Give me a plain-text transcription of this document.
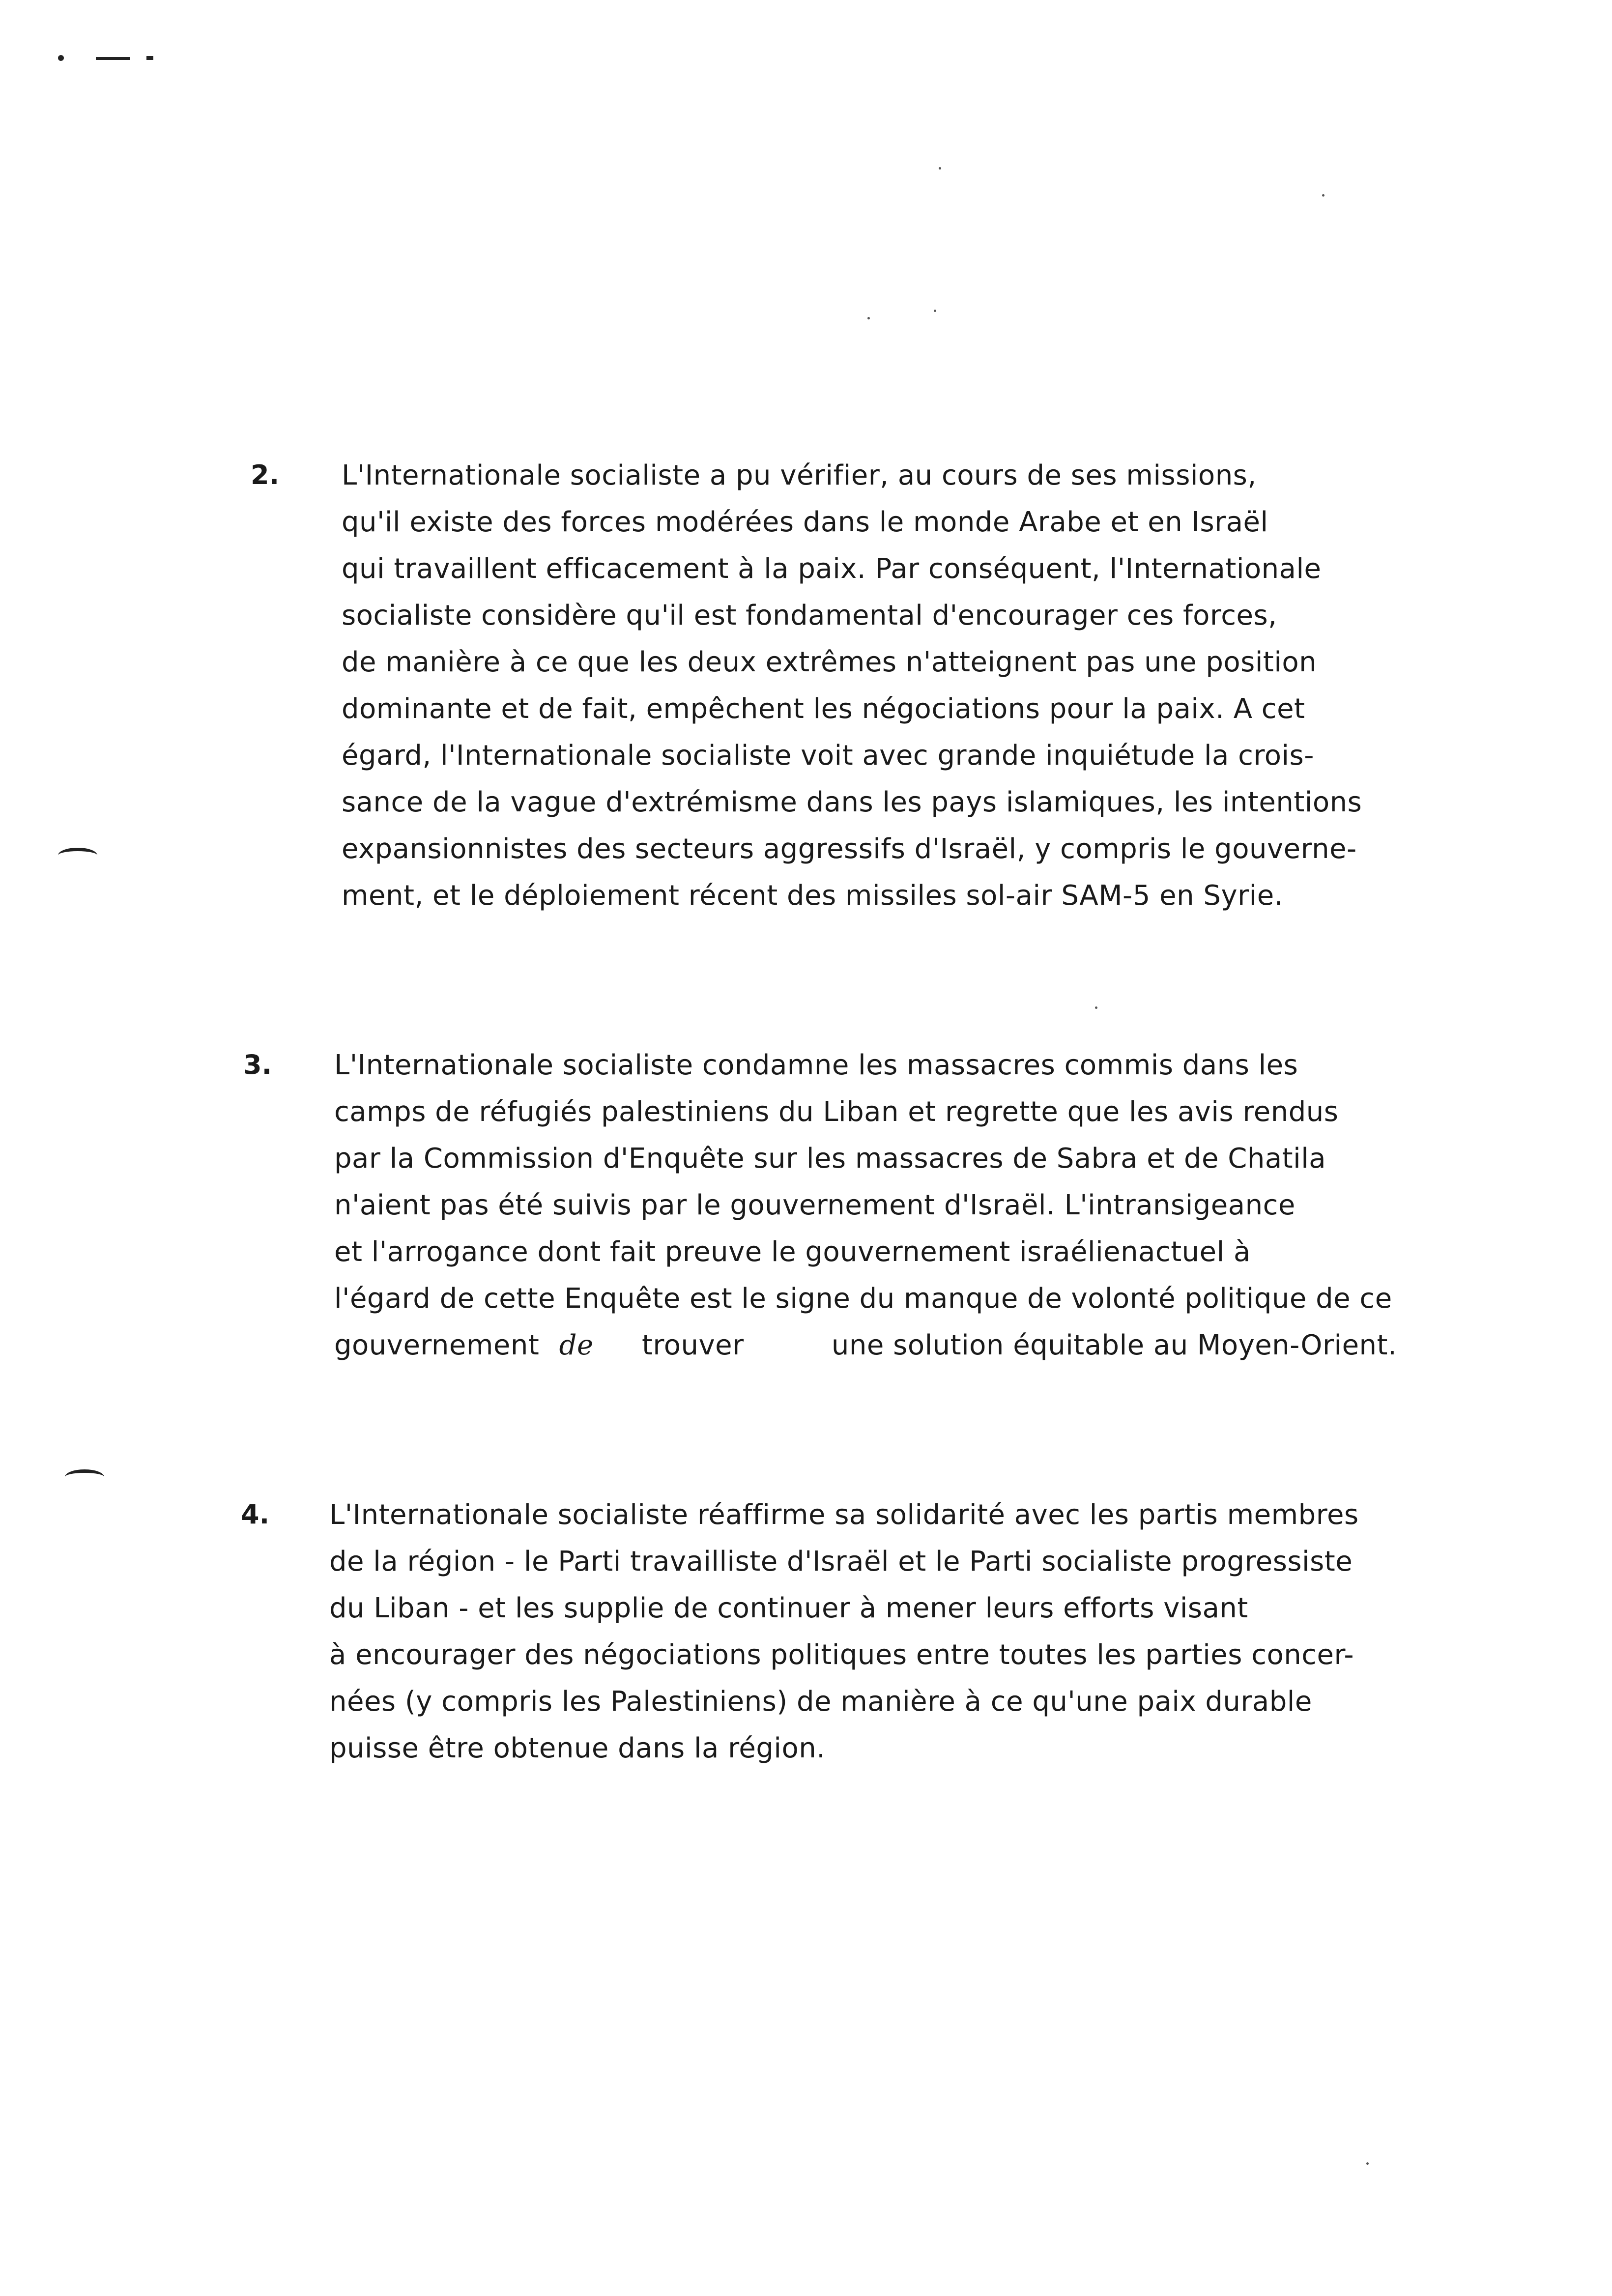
2. L'Internationale socialiste a pu vérifier, au cours de ses missions,
qu'il existe des forces modérées dans le monde Arabe et en Israël
qui travaillent efficacement à la paix. Par conséquent, l'Internationale
socialiste considère qu'il est fondamental d'encourager ces forces,
de manière à ce que les deux extrêmes n'atteignent pas une position
dominante et de fait, empêchent les négociations pour la paix. A cet
égard, l'Internationale socialiste voit avec grande inquiétude la crois-
sance de la vague d'extrémisme dans les pays islamiques, les intentions
expansionnistes des secteurs aggressifs d'Israël, y compris le gouverne-
ment, et le déploiement récent des missiles sol-air SAM-5 en Syrie.
3. L'Internationale socialiste condamne les massacres commis dans les
camps de réfugiés palestiniens du Liban et regrette que les avis rendus
par la Commission d'Enquête sur les massacres de Sabra et de Chatila
n'aient pas été suivis par le gouvernement d'Israël. L'intransigeance
et l'arrogance dont fait preuve le gouvernement israélienactuel à
l'égard de cette Enquête est le signe du manque de volonté politique de ce
gouvernement de trouver	une solution équitable au Moyen-Orient.
4. L'Internationale socialiste réaffirme sa solidarité avec les partis membres
de la région - le Parti travailliste d'Israël et le Parti socialiste progressiste
du Liban - et les supplie de continuer à mener leurs efforts visant
à encourager des négociations politiques entre toutes les parties concer-
nées (y compris les Palestiniens) de manière à ce qu'une paix durable
puisse être obtenue dans la région.
